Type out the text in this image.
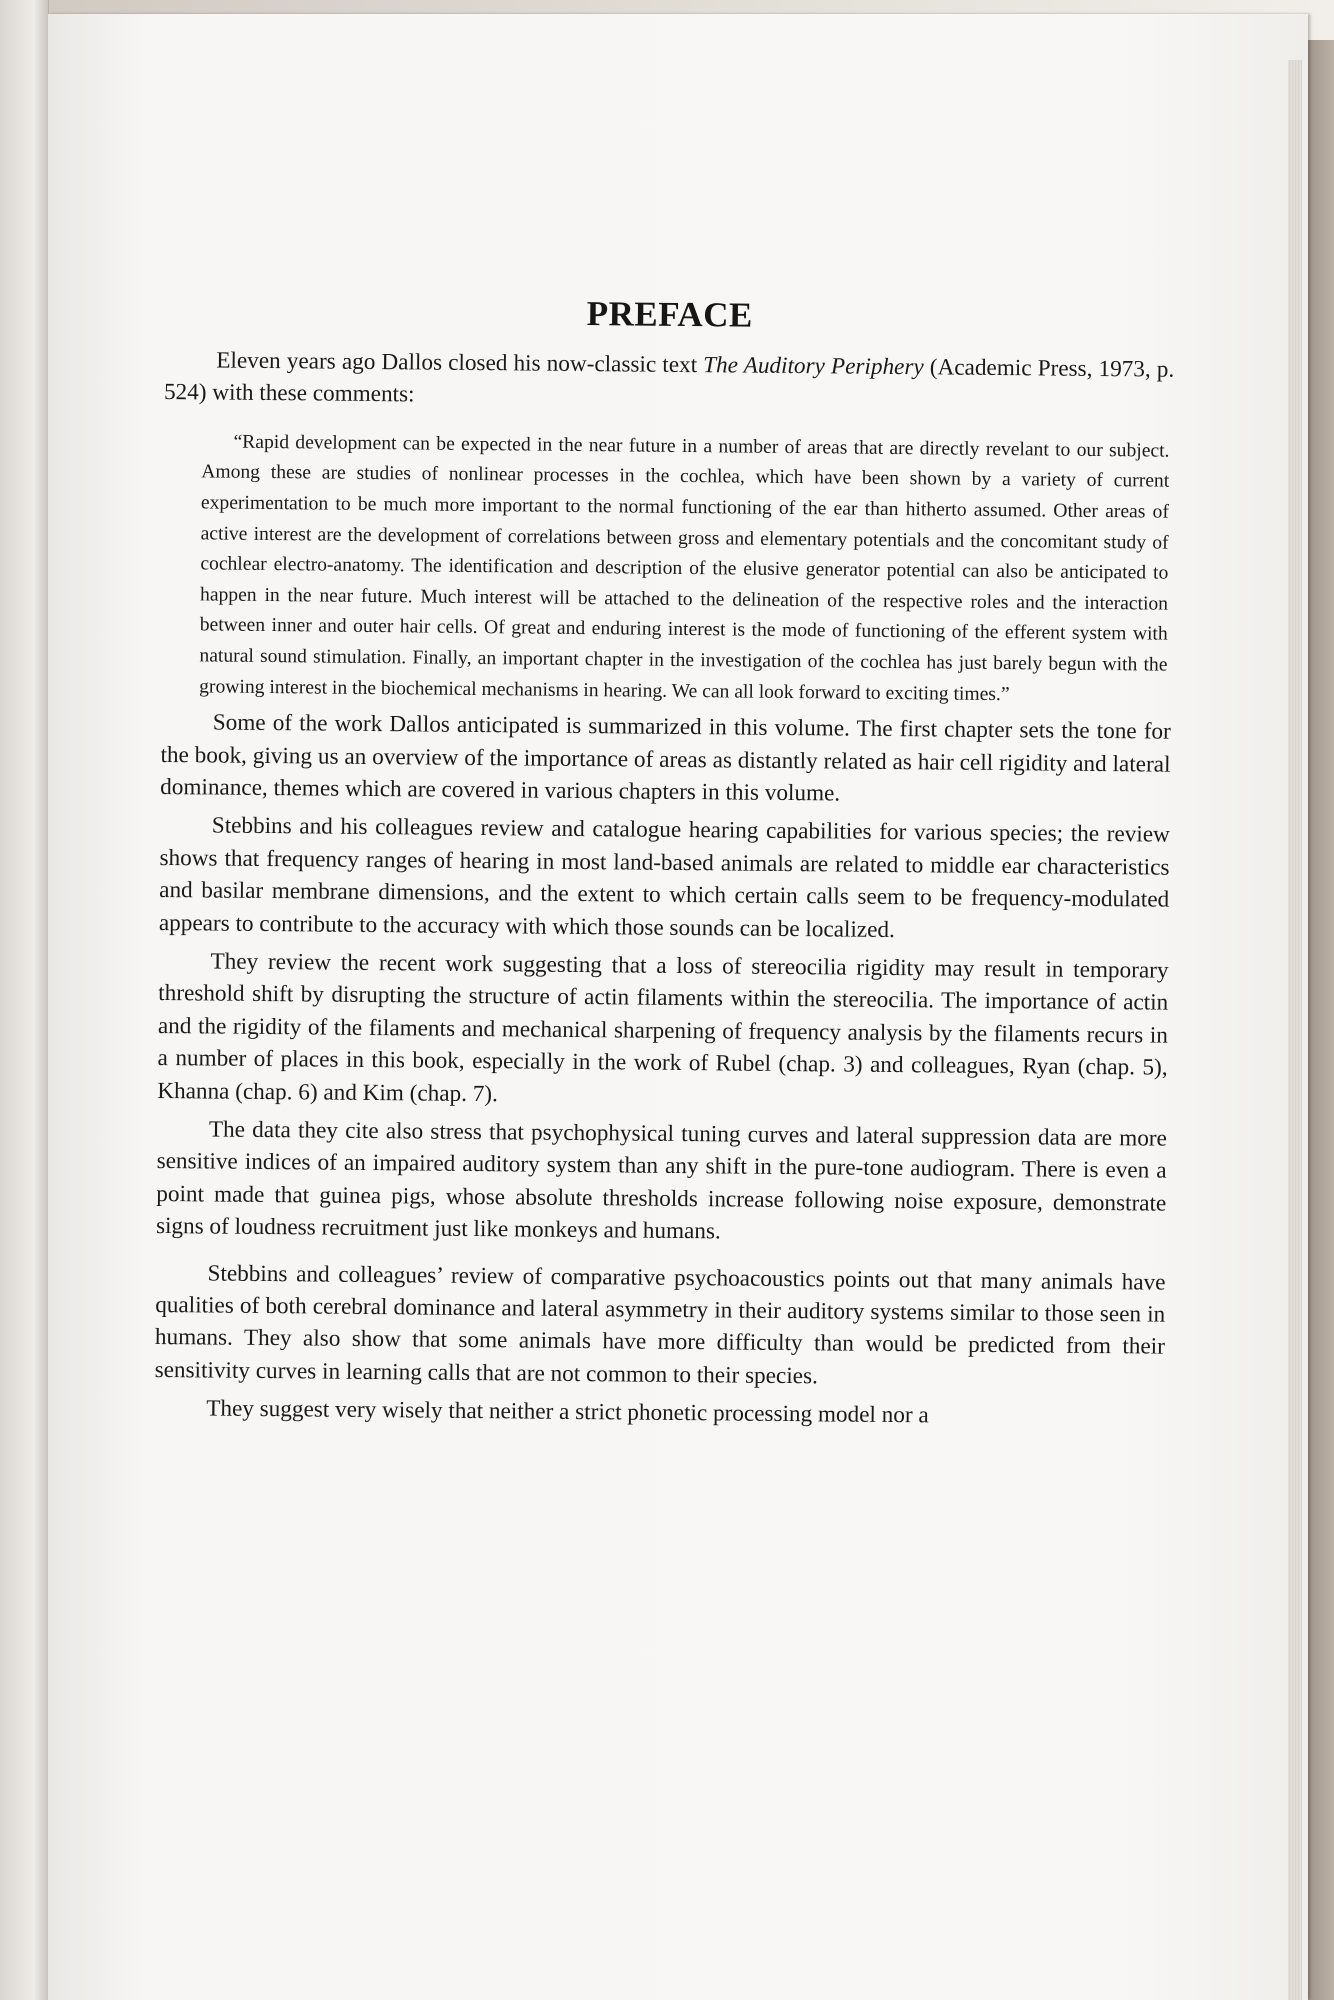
PREFACE

Eleven years ago Dallos closed his now-classic text The Auditory Periphery (Academic Press, 1973, p. 524) with these comments:

“Rapid development can be expected in the near future in a number of areas that are directly revelant to our subject. Among these are studies of nonlinear processes in the cochlea, which have been shown by a variety of current experimentation to be much more important to the normal functioning of the ear than hitherto assumed. Other areas of active interest are the development of correlations between gross and elementary potentials and the concomitant study of cochlear electro-anatomy. The identification and description of the elusive generator potential can also be anticipated to happen in the near future. Much interest will be attached to the delineation of the respective roles and the interaction between inner and outer hair cells. Of great and enduring interest is the mode of functioning of the efferent system with natural sound stimulation. Finally, an important chapter in the investigation of the cochlea has just barely begun with the growing interest in the biochemical mechanisms in hearing. We can all look forward to exciting times.”

Some of the work Dallos anticipated is summarized in this volume. The first chapter sets the tone for the book, giving us an overview of the importance of areas as distantly related as hair cell rigidity and lateral dominance, themes which are covered in various chapters in this volume.

Stebbins and his colleagues review and catalogue hearing capabilities for various species; the review shows that frequency ranges of hearing in most land-based animals are related to middle ear characteristics and basilar membrane dimensions, and the extent to which certain calls seem to be frequency-modulated appears to contribute to the accuracy with which those sounds can be localized.

They review the recent work suggesting that a loss of stereocilia rigidity may result in temporary threshold shift by disrupting the structure of actin filaments within the stereocilia. The importance of actin and the rigidity of the filaments and mechanical sharpening of frequency analysis by the filaments recurs in a number of places in this book, especially in the work of Rubel (chap. 3) and colleagues, Ryan (chap. 5), Khanna (chap. 6) and Kim (chap. 7).

The data they cite also stress that psychophysical tuning curves and lateral suppression data are more sensitive indices of an impaired auditory system than any shift in the pure-tone audiogram. There is even a point made that guinea pigs, whose absolute thresholds increase following noise exposure, demonstrate signs of loudness recruitment just like monkeys and humans.

Stebbins and colleagues’ review of comparative psychoacoustics points out that many animals have qualities of both cerebral dominance and lateral asymmetry in their auditory systems similar to those seen in humans. They also show that some animals have more difficulty than would be predicted from their sensitivity curves in learning calls that are not common to their species.

They suggest very wisely that neither a strict phonetic processing model nor a
